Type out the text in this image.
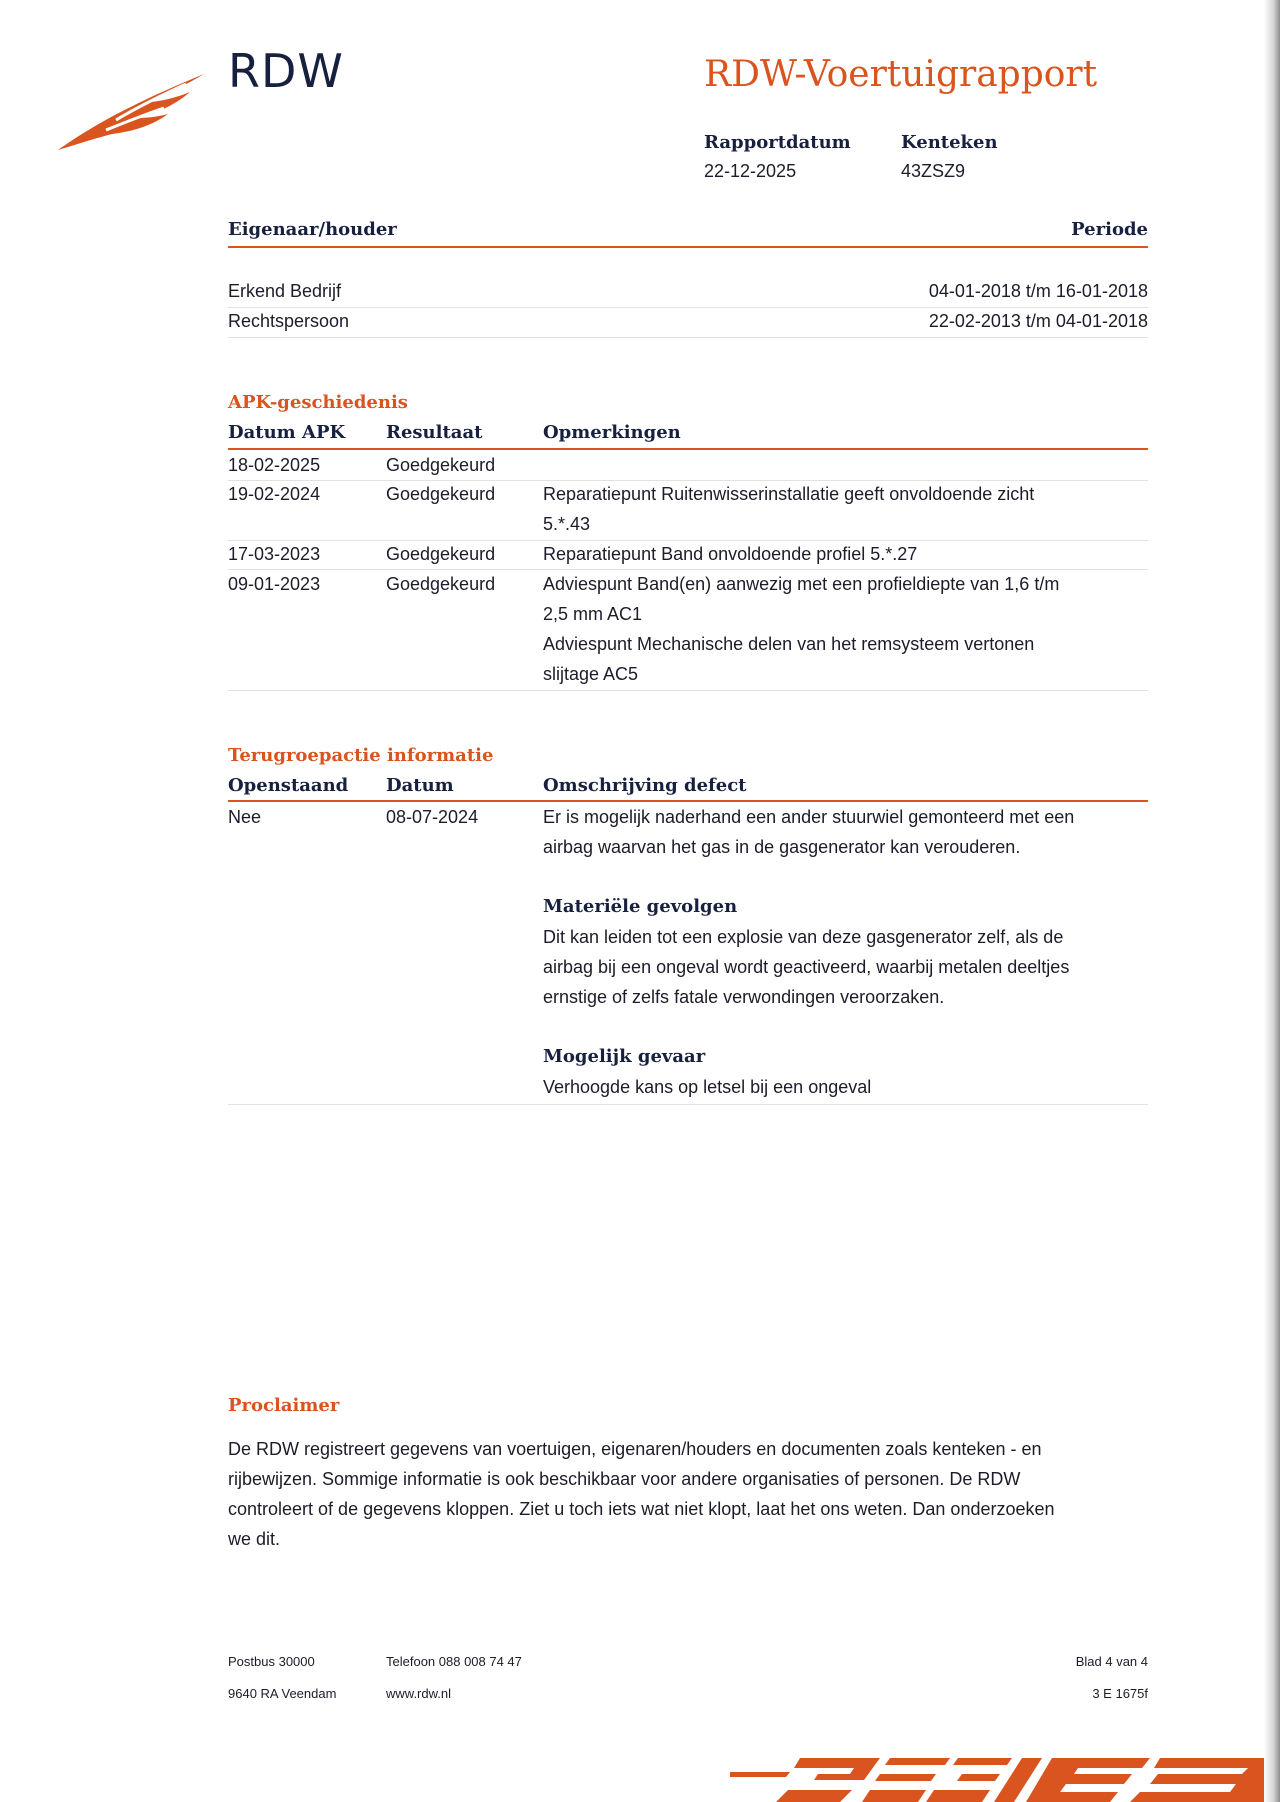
RDW	RDW-Voertuigrapport
Rapportdatum
22-12-2025
Kenteken
43ZSZ9
Eigenaar/houder	Periode
Erkend Bedrijf	04-01-2018 t/m 16-01-2018
Rechtspersoon	22-02-2013 t/m 04-01-2018
APK-geschiedenis
Datum APK Resultaat	Opmerkingen
18-02-2025	Goedgekeurd
19-02-2024	Goedgekeurd	Reparatiepunt Ruitenwisserinstallatie geeft onvoldoende zicht
5.*.43
17-03-2023	Goedgekeurd	Reparatiepunt Band onvoldoende profiel 5.*.27
09-01-2023	Goedgekeurd	Adviespunt Band(en) aanwezig met een profieldiepte van 1,6 t/m
2,5 mm AC1
Adviespunt Mechanische delen van het remsysteem vertonen
slijtage AC5
Terugroepactie informatie
Openstaand Datum	Omschrijving defect
Nee	08-07-2024	Er is mogelijk naderhand een ander stuurwiel gemonteerd met een
airbag waarvan het gas in de gasgenerator kan verouderen.
Materiële gevolgen
Dit kan leiden tot een explosie van deze gasgenerator zelf, als de
airbag bij een ongeval wordt geactiveerd, waarbij metalen deeltjes
ernstige of zelfs fatale verwondingen veroorzaken.
Mogelijk gevaar
Verhoogde kans op letsel bij een ongeval
Proclaimer
De RDW registreert gegevens van voertuigen, eigenaren/houders en documenten zoals kenteken - en
rijbewijzen. Sommige informatie is ook beschikbaar voor andere organisaties of personen. De RDW
controleert of de gegevens kloppen. Ziet u toch iets wat niet klopt, laat het ons weten. Dan onderzoeken
we dit.
Postbus 30000
9640 RA Veendam
Telefoon 088 008 74 47
www.rdw.nl
Blad 4 van 4
3 E 1675f
